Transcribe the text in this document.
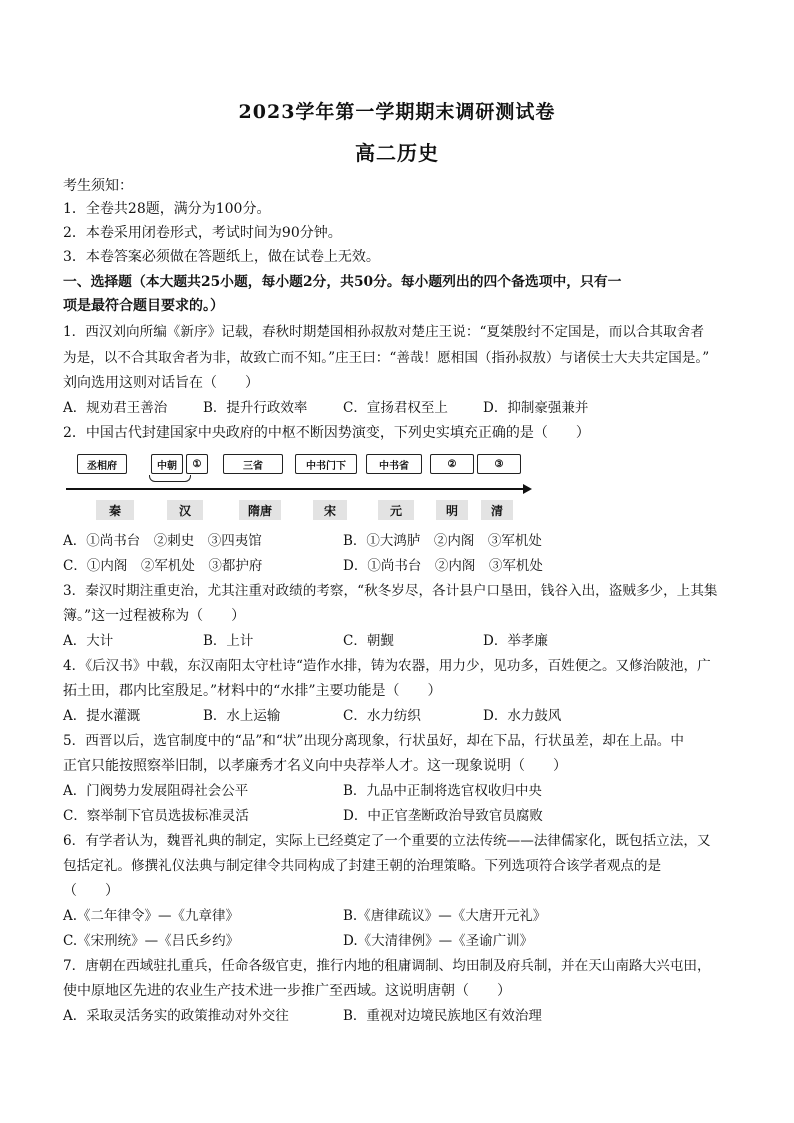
2023学年第一学期期末调研测试卷
高二历史
考生须知：
1．全卷共28题，满分为100分。
2．本卷采用闭卷形式，考试时间为90分钟。
3．本卷答案必须做在答题纸上，做在试卷上无效。
一、选择题（本大题共25小题，每小题2分，共50分。每小题列出的四个备选项中，只有一
项是最符合题目要求的。）
1．西汉刘向所编《新序》记载，春秋时期楚国相孙叔敖对楚庄王说：“夏桀殷纣不定国是，而以合其取舍者
为是，以不合其取舍者为非，故致亡而不知。”庄王曰：“善哉！愿相国（指孙叔敖）与诸侯士大夫共定国是。”
刘向选用这则对话旨在（　　）
A．规劝君王善治	B．提升行政效率	C．宣扬君权至上	D．抑制豪强兼并
2．中国古代封建国家中央政府的中枢不断因势演变，下列史实填充正确的是（　　）
丞相府	中朝	①	三省	中书门下	中书省	②	③
秦	汉	隋唐	宋	元	明	清
A．①尚书台　②刺史　③四夷馆	B．①大鸿胪　②内阁　③军机处
C．①内阁　②军机处　③都护府	D．①尚书台　②内阁　③军机处
3．秦汉时期注重吏治，尤其注重对政绩的考察，“秋冬岁尽，各计县户口垦田，钱谷入出，盗贼多少，上其集
簿。”这一过程被称为（　　）
A．大计	B．上计	C．朝觐	D．举孝廉
4．《后汉书》中载，东汉南阳太守杜诗“造作水排，铸为农器，用力少，见功多，百姓便之。又修治陂池，广
拓土田，郡内比室殷足。”材料中的“水排”主要功能是（　　）
A．提水灌溉	B．水上运输	C．水力纺织	D．水力鼓风
5．西晋以后，选官制度中的“品”和“状”出现分离现象，行状虽好，却在下品，行状虽差，却在上品。中
正官只能按照察举旧制，以孝廉秀才名义向中央荐举人才。这一现象说明（　　）
A．门阀势力发展阻碍社会公平	B．九品中正制将选官权收归中央
C．察举制下官员选拔标准灵活	D．中正官垄断政治导致官员腐败
6．有学者认为，魏晋礼典的制定，实际上已经奠定了一个重要的立法传统——法律儒家化，既包括立法，又
包括定礼。修撰礼仪法典与制定律令共同构成了封建王朝的治理策略。下列选项符合该学者观点的是
（　　）
A.《二年律令》—《九章律》	B.《唐律疏议》—《大唐开元礼》
C.《宋刑统》—《吕氏乡约》	D.《大清律例》—《圣谕广训》
7．唐朝在西域驻扎重兵，任命各级官吏，推行内地的租庸调制、均田制及府兵制，并在天山南路大兴屯田，
使中原地区先进的农业生产技术进一步推广至西域。这说明唐朝（　　）
A．采取灵活务实的政策推动对外交往	B．重视对边境民族地区有效治理
